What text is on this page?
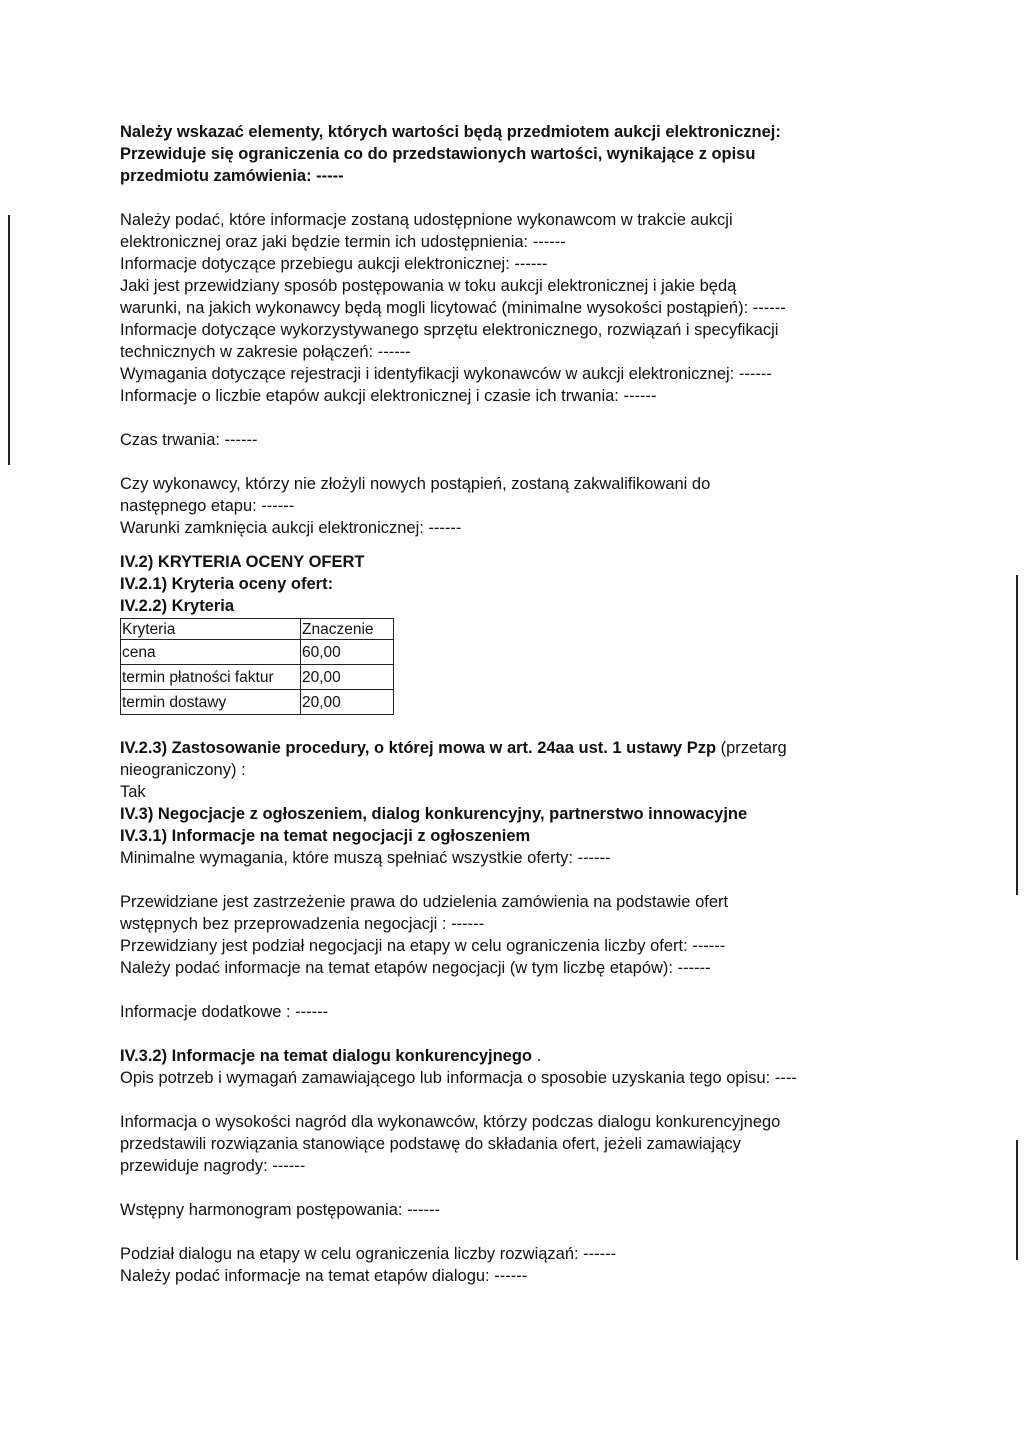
Należy wskazać elementy, których wartości będą przedmiotem aukcji elektronicznej:
Przewiduje się ograniczenia co do przedstawionych wartości, wynikające z opisu
przedmiotu zamówienia: -----
Należy podać, które informacje zostaną udostępnione wykonawcom w trakcie aukcji
elektronicznej oraz jaki będzie termin ich udostępnienia: ------
Informacje dotyczące przebiegu aukcji elektronicznej: ------
Jaki jest przewidziany sposób postępowania w toku aukcji elektronicznej i jakie będą
warunki, na jakich wykonawcy będą mogli licytować (minimalne wysokości postąpień): ------
Informacje dotyczące wykorzystywanego sprzętu elektronicznego, rozwiązań i specyfikacji
technicznych w zakresie połączeń: ------
Wymagania dotyczące rejestracji i identyfikacji wykonawców w aukcji elektronicznej: ------
Informacje o liczbie etapów aukcji elektronicznej i czasie ich trwania: ------
Czas trwania: ------
Czy wykonawcy, którzy nie złożyli nowych postąpień, zostaną zakwalifikowani do
następnego etapu: ------
Warunki zamknięcia aukcji elektronicznej: ------
IV.2) KRYTERIA OCENY OFERT
IV.2.1) Kryteria oceny ofert:
IV.2.2) Kryteria
Kryteria	Znaczenie
cena	60,00
termin płatności faktur	20,00
termin dostawy	20,00
IV.2.3) Zastosowanie procedury, o której mowa w art. 24aa ust. 1 ustawy Pzp (przetarg
nieograniczony) :
Tak
IV.3) Negocjacje z ogłoszeniem, dialog konkurencyjny, partnerstwo innowacyjne
IV.3.1) Informacje na temat negocjacji z ogłoszeniem
Minimalne wymagania, które muszą spełniać wszystkie oferty: ------
Przewidziane jest zastrzeżenie prawa do udzielenia zamówienia na podstawie ofert
wstępnych bez przeprowadzenia negocjacji : ------
Przewidziany jest podział negocjacji na etapy w celu ograniczenia liczby ofert: ------
Należy podać informacje na temat etapów negocjacji (w tym liczbę etapów): ------
Informacje dodatkowe : ------
IV.3.2) Informacje na temat dialogu konkurencyjnego .
Opis potrzeb i wymagań zamawiającego lub informacja o sposobie uzyskania tego opisu: ----
Informacja o wysokości nagród dla wykonawców, którzy podczas dialogu konkurencyjnego
przedstawili rozwiązania stanowiące podstawę do składania ofert, jeżeli zamawiający
przewiduje nagrody: ------
Wstępny harmonogram postępowania: ------
Podział dialogu na etapy w celu ograniczenia liczby rozwiązań: ------
Należy podać informacje na temat etapów dialogu: ------
